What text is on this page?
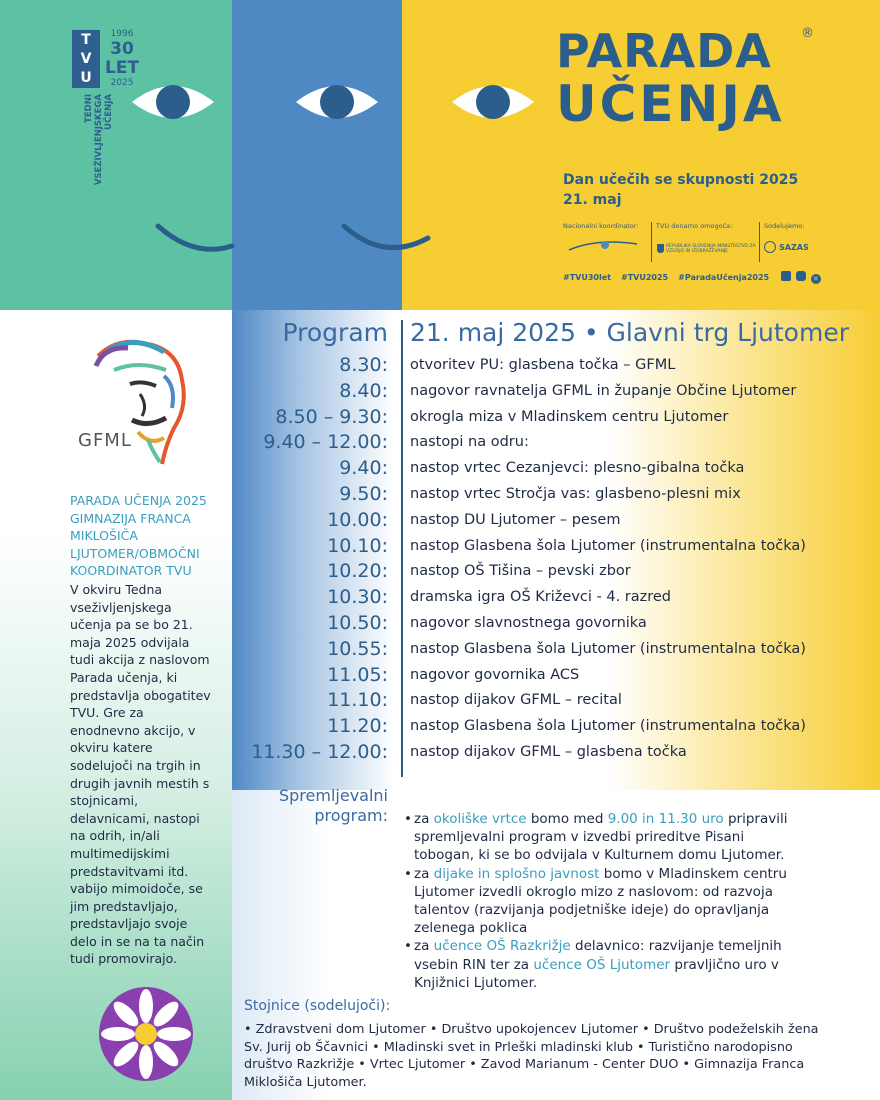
T
V
U
1996
30
LET
2025
TEDNI VSEŽIVLJENJSKEGA UČENJA
PARADA
UČENJA
®
Dan učečih se skupnosti 2025
21. maj
Nacionalni koordinator:	TVU denarno omogoča:
REPUBLIKA SLOVENIJA MINISTRSTVO ZA VZGOJO IN IZOBRAŽEVANJE
Sodelujemo:
SAZAS
#TVU30let #TVU2025 #ParadaUčenja2025	✕
GFML
PARADA UČENJA 2025
GIMNAZIJA FRANCA
MIKLOŠIČA
LJUTOMER/OBMOČNI
KOORDINATOR TVU
V okviru Tedna vseživljenjskega učenja pa se bo 21. maja 2025 odvijala tudi akcija z naslovom Parada učenja, ki predstavlja obogatitev TVU. Gre za enodnevno akcijo, v okviru katere sodelujoči na trgih in drugih javnih mestih s stojnicami, delavnicami, nastopi na odrih, in/ali multimedijskimi predstavitvami itd. vabijo mimoidoče, se jim predstavljajo, predstavljajo svoje delo in se na ta način tudi promovirajo.
Program 21. maj 2025 • Glavni trg Ljutomer
8.30: otvoritev PU: glasbena točka – GFML
8.40: nagovor ravnatelja GFML in županje Občine Ljutomer
8.50 – 9.30: okrogla miza v Mladinskem centru Ljutomer
9.40 – 12.00: nastopi na odru:
9.40: nastop vrtec Cezanjevci: plesno-gibalna točka
9.50: nastop vrtec Stročja vas: glasbeno-plesni mix
10.00: nastop DU Ljutomer – pesem
10.10: nastop Glasbena šola Ljutomer (instrumentalna točka)
10.20: nastop OŠ Tišina – pevski zbor
10.30: dramska igra OŠ Križevci - 4. razred
10.50: nagovor slavnostnega govornika
10.55: nastop Glasbena šola Ljutomer (instrumentalna točka)
11.05: nagovor govornika ACS
11.10: nastop dijakov GFML – recital
11.20: nastop Glasbena šola Ljutomer (instrumentalna točka)
11.30 – 12.00: nastop dijakov GFML – glasbena točka
Spremljevalni
program: • za okoliške vrtce bomo med 9.00 in 11.30 uro pripravili spremljevalni program v izvedbi prireditve Pisani tobogan, ki se bo odvijala v Kulturnem domu Ljutomer.
• za dijake in splošno javnost bomo v Mladinskem centru Ljutomer izvedli okroglo mizo z naslovom: od razvoja talentov (razvijanja podjetniške ideje) do opravljanja zelenega poklica
• za učence OŠ Razkrižje delavnico: razvijanje temeljnih vsebin RIN ter za učence OŠ Ljutomer pravljično uro v Knjižnici Ljutomer.
Stojnice (sodelujoči):
• Zdravstveni dom Ljutomer • Društvo upokojencev Ljutomer • Društvo podeželskih žena Sv. Jurij ob Ščavnici • Mladinski svet in Prleški mladinski klub • Turistično narodopisno društvo Razkrižje • Vrtec Ljutomer • Zavod Marianum - Center DUO • Gimnazija Franca Miklošiča Ljutomer.
